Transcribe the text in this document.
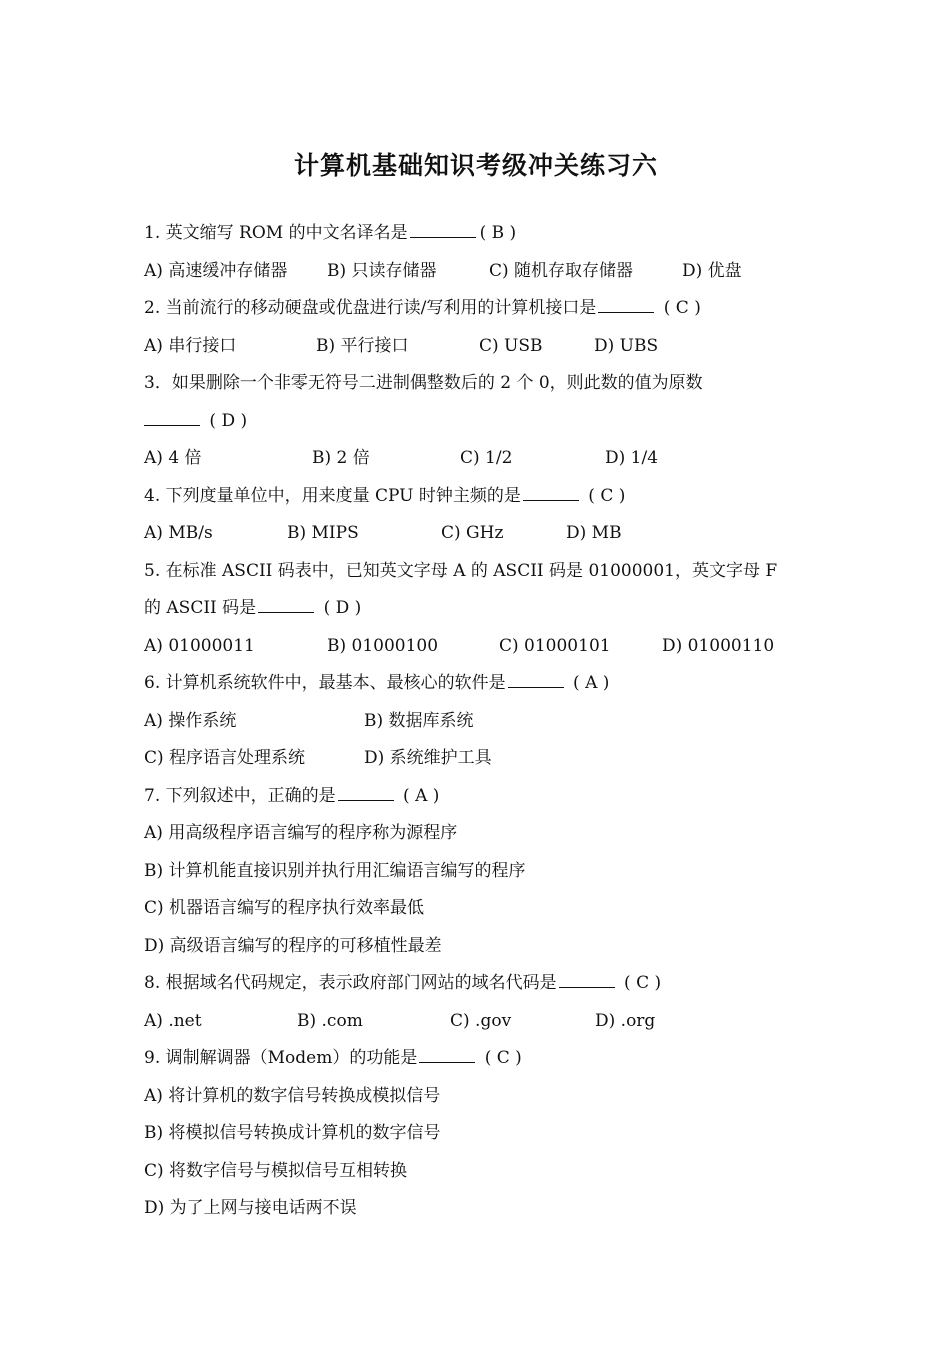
计算机基础知识考级冲关练习六
1. 英文缩写 ROM 的中文名译名是	( B )
A) 高速缓冲存储器 B) 只读存储器	C) 随机存取存储器	D) 优盘
2. 当前流行的移动硬盘或优盘进行读/写利用的计算机接口是	( C )
A) 串行接口	B) 平行接口	C) USB	D) UBS
3．如果删除一个非零无符号二进制偶整数后的 2 个 0，则此数的值为原数
( D )
A) 4 倍	B) 2 倍	C) 1/2	D) 1/4
4. 下列度量单位中，用来度量 CPU 时钟主频的是	( C )
A) MB/s	B) MIPS	C) GHz	D) MB
5. 在标准 ASCII 码表中，已知英文字母 A 的 ASCII 码是 01000001，英文字母 F
的 ASCII 码是	( D )
A) 01000011	B) 01000100	C) 01000101	D) 01000110
6. 计算机系统软件中，最基本、最核心的软件是	( A )
A) 操作系统	B) 数据库系统
C) 程序语言处理系统	D) 系统维护工具
7. 下列叙述中，正确的是	( A )
A) 用高级程序语言编写的程序称为源程序
B) 计算机能直接识别并执行用汇编语言编写的程序
C) 机器语言编写的程序执行效率最低
D) 高级语言编写的程序的可移植性最差
8. 根据域名代码规定，表示政府部门网站的域名代码是	( C )
A) .net	B) .com	C) .gov	D) .org
9. 调制解调器（Modem）的功能是	( C )
A) 将计算机的数字信号转换成模拟信号
B) 将模拟信号转换成计算机的数字信号
C) 将数字信号与模拟信号互相转换
D) 为了上网与接电话两不误
